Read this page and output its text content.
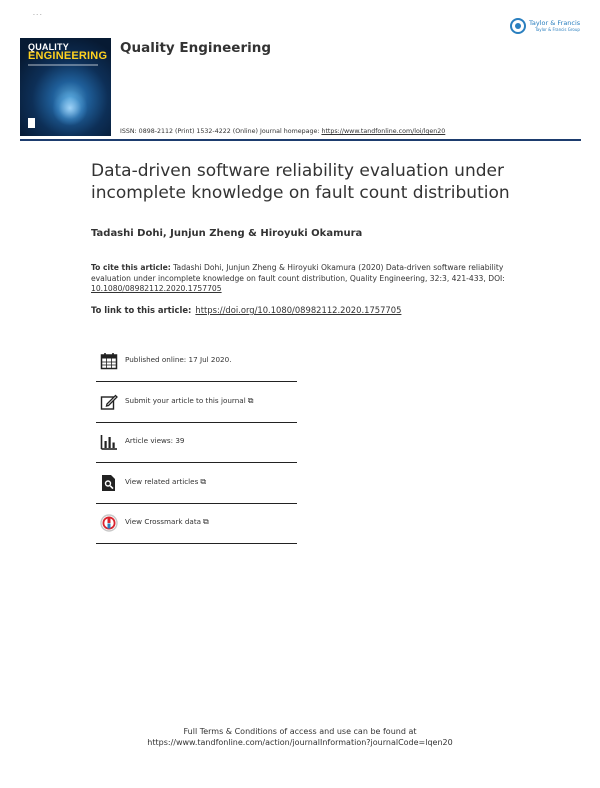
- - -
QUALITY
ENGINEERING Quality Engineering
Taylor & Francis
Taylor & Francis Group
ISSN: 0898-2112 (Print) 1532-4222 (Online) Journal homepage: https://www.tandfonline.com/loi/lqen20
Data-driven software reliability evaluation under incomplete knowledge on fault count distribution
Tadashi Dohi, Junjun Zheng & Hiroyuki Okamura
To cite this article: Tadashi Dohi, Junjun Zheng & Hiroyuki Okamura (2020) Data-driven software reliability evaluation under incomplete knowledge on fault count distribution, Quality Engineering, 32:3, 421-433, DOI: 10.1080/08982112.2020.1757705
To link to this article: https://doi.org/10.1080/08982112.2020.1757705
Published online: 17 Jul 2020.
Submit your article to this journal ⧉
Article views: 39
View related articles ⧉
View Crossmark data ⧉
Full Terms & Conditions of access and use can be found at
https://www.tandfonline.com/action/journalInformation?journalCode=lqen20
